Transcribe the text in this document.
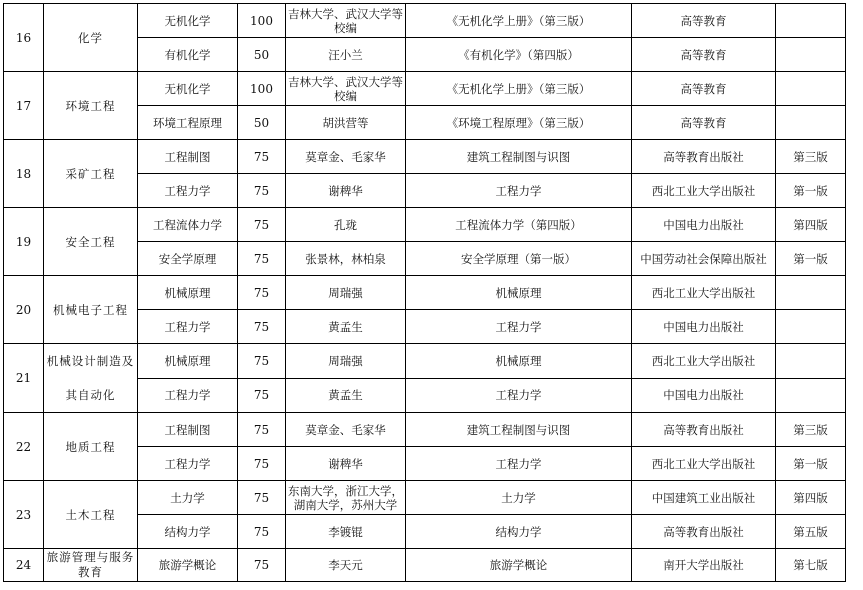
16	化学	无机化学	100	吉林大学、武汉大学等校编	《无机化学上册》（第三版）	高等教育	
		有机化学	50	汪小兰	《有机化学》（第四版）	高等教育	
17	环境工程	无机化学	100	吉林大学、武汉大学等校编	《无机化学上册》（第三版）	高等教育	
		环境工程原理	50	胡洪营等	《环境工程原理》（第三版）	高等教育	
18	采矿工程	工程制图	75	莫章金、毛家华	建筑工程制图与识图	高等教育出版社	第三版
		工程力学	75	谢稗华	工程力学	西北工业大学出版社	第一版
19	安全工程	工程流体力学	75	孔珑	工程流体力学（第四版）	中国电力出版社	第四版
		安全学原理	75	张景林，林柏泉	安全学原理（第一版）	中国劳动社会保障出版社	第一版
20	机械电子工程	机械原理	75	周瑞强	机械原理	西北工业大学出版社	
		工程力学	75	黄孟生	工程力学	中国电力出版社	
21	机械设计制造及其自动化	机械原理	75	周瑞强	机械原理	西北工业大学出版社	
		工程力学	75	黄孟生	工程力学	中国电力出版社	
22	地质工程	工程制图	75	莫章金、毛家华	建筑工程制图与识图	高等教育出版社	第三版
		工程力学	75	谢稗华	工程力学	西北工业大学出版社	第一版
23	土木工程	土力学	75	东南大学，浙江大学，湖南大学，苏州大学	土力学	中国建筑工业出版社	第四版
		结构力学	75	李镀锟	结构力学	高等教育出版社	第五版
24	旅游管理与服务教育	旅游学概论	75	李天元	旅游学概论	南开大学出版社	第七版
